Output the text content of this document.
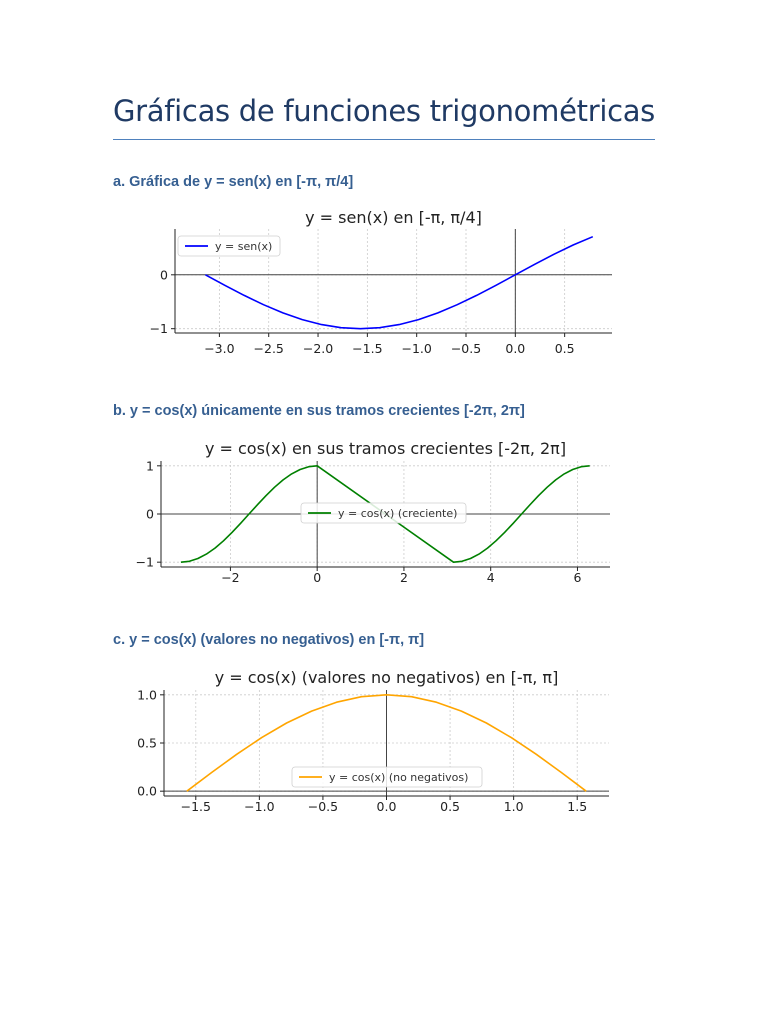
Gráficas de funciones trigonométricas
a. Gráfica de y = sen(x) en [-π, π/4]
y = sen(x) en [-π, π/4]
−3.0 −2.5 −2.0 −1.5 −1.0 −0.5 0.0 0.5
−1
0
y = sen(x)
b. y = cos(x) únicamente en sus tramos crecientes [-2π, 2π]
y = cos(x) en sus tramos crecientes [-2π, 2π]
−2	0	2	4	6
−1
0
1
y = cos(x) (creciente)
c. y = cos(x) (valores no negativos) en [-π, π]
y = cos(x) (valores no negativos) en [-π, π]
−1.5	−1.0	−0.5	0.0	0.5	1.0	1.5
0.0
0.5
1.0
y = cos(x) (no negativos)
